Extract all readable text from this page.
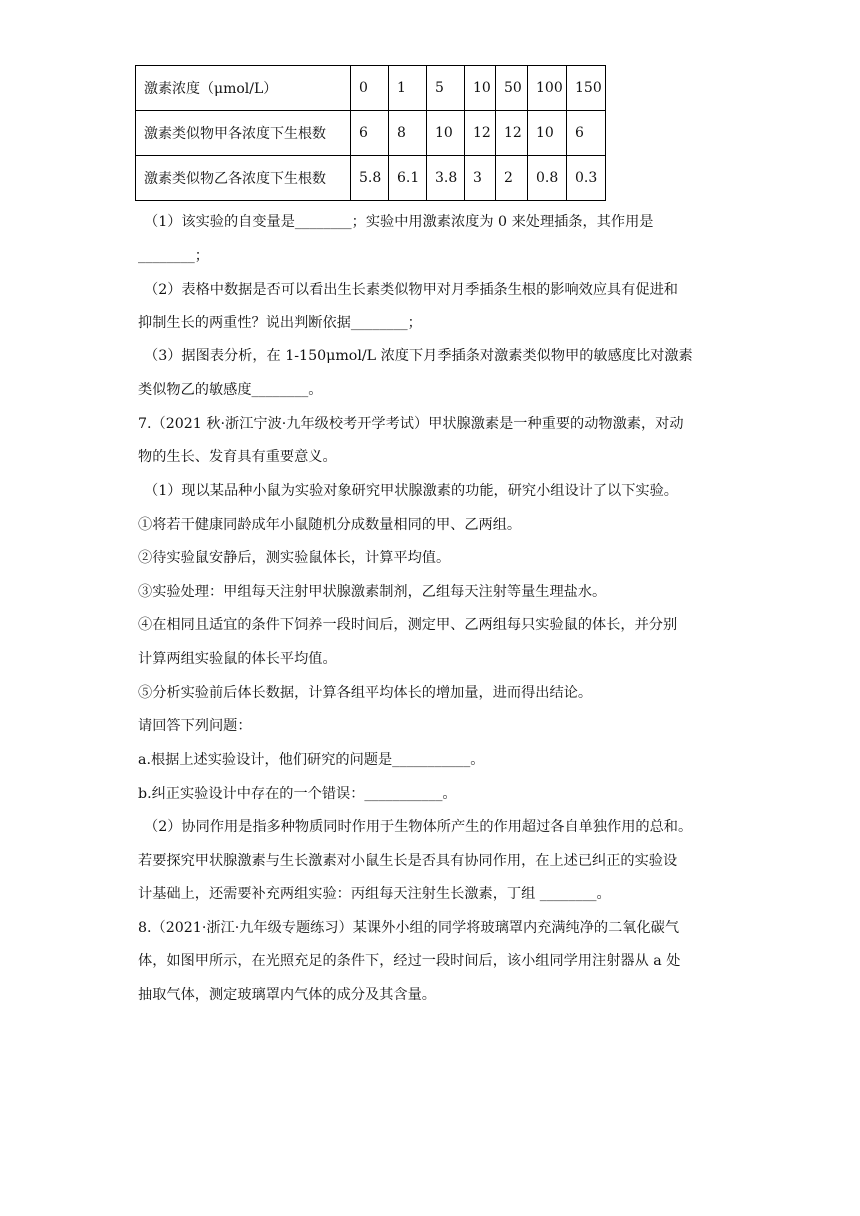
激素浓度（μmol/L）	0	1	5	10	50	100	150
激素类似物甲各浓度下生根数	6	8	10	12	12	10	6
激素类似物乙各浓度下生根数	5.8	6.1	3.8	3	2	0.8	0.3
（1）该实验的自变量是________；实验中用激素浓度为 0 来处理插条，其作用是
________；
（2）表格中数据是否可以看出生长素类似物甲对月季插条生根的影响效应具有促进和
抑制生长的两重性？说出判断依据________；
（3）据图表分析，在 1-150μmol/L 浓度下月季插条对激素类似物甲的敏感度比对激素
类似物乙的敏感度________。
7.（2021 秋·浙江宁波·九年级校考开学考试）甲状腺激素是一种重要的动物激素，对动
物的生长、发育具有重要意义。
（1）现以某品种小鼠为实验对象研究甲状腺激素的功能，研究小组设计了以下实验。
①将若干健康同龄成年小鼠随机分成数量相同的甲、乙两组。
②待实验鼠安静后，测实验鼠体长，计算平均值。
③实验处理：甲组每天注射甲状腺激素制剂，乙组每天注射等量生理盐水。
④在相同且适宜的条件下饲养一段时间后，测定甲、乙两组每只实验鼠的体长，并分别
计算两组实验鼠的体长平均值。
⑤分析实验前后体长数据，计算各组平均体长的增加量，进而得出结论。
请回答下列问题：
a.根据上述实验设计，他们研究的问题是___________。
b.纠正实验设计中存在的一个错误：___________。
（2）协同作用是指多种物质同时作用于生物体所产生的作用超过各自单独作用的总和。
若要探究甲状腺激素与生长激素对小鼠生长是否具有协同作用，在上述已纠正的实验设
计基础上，还需要补充两组实验：丙组每天注射生长激素，丁组 ________。
8.（2021·浙江·九年级专题练习）某课外小组的同学将玻璃罩内充满纯净的二氧化碳气
体，如图甲所示，在光照充足的条件下，经过一段时间后，该小组同学用注射器从 a 处
抽取气体，测定玻璃罩内气体的成分及其含量。
